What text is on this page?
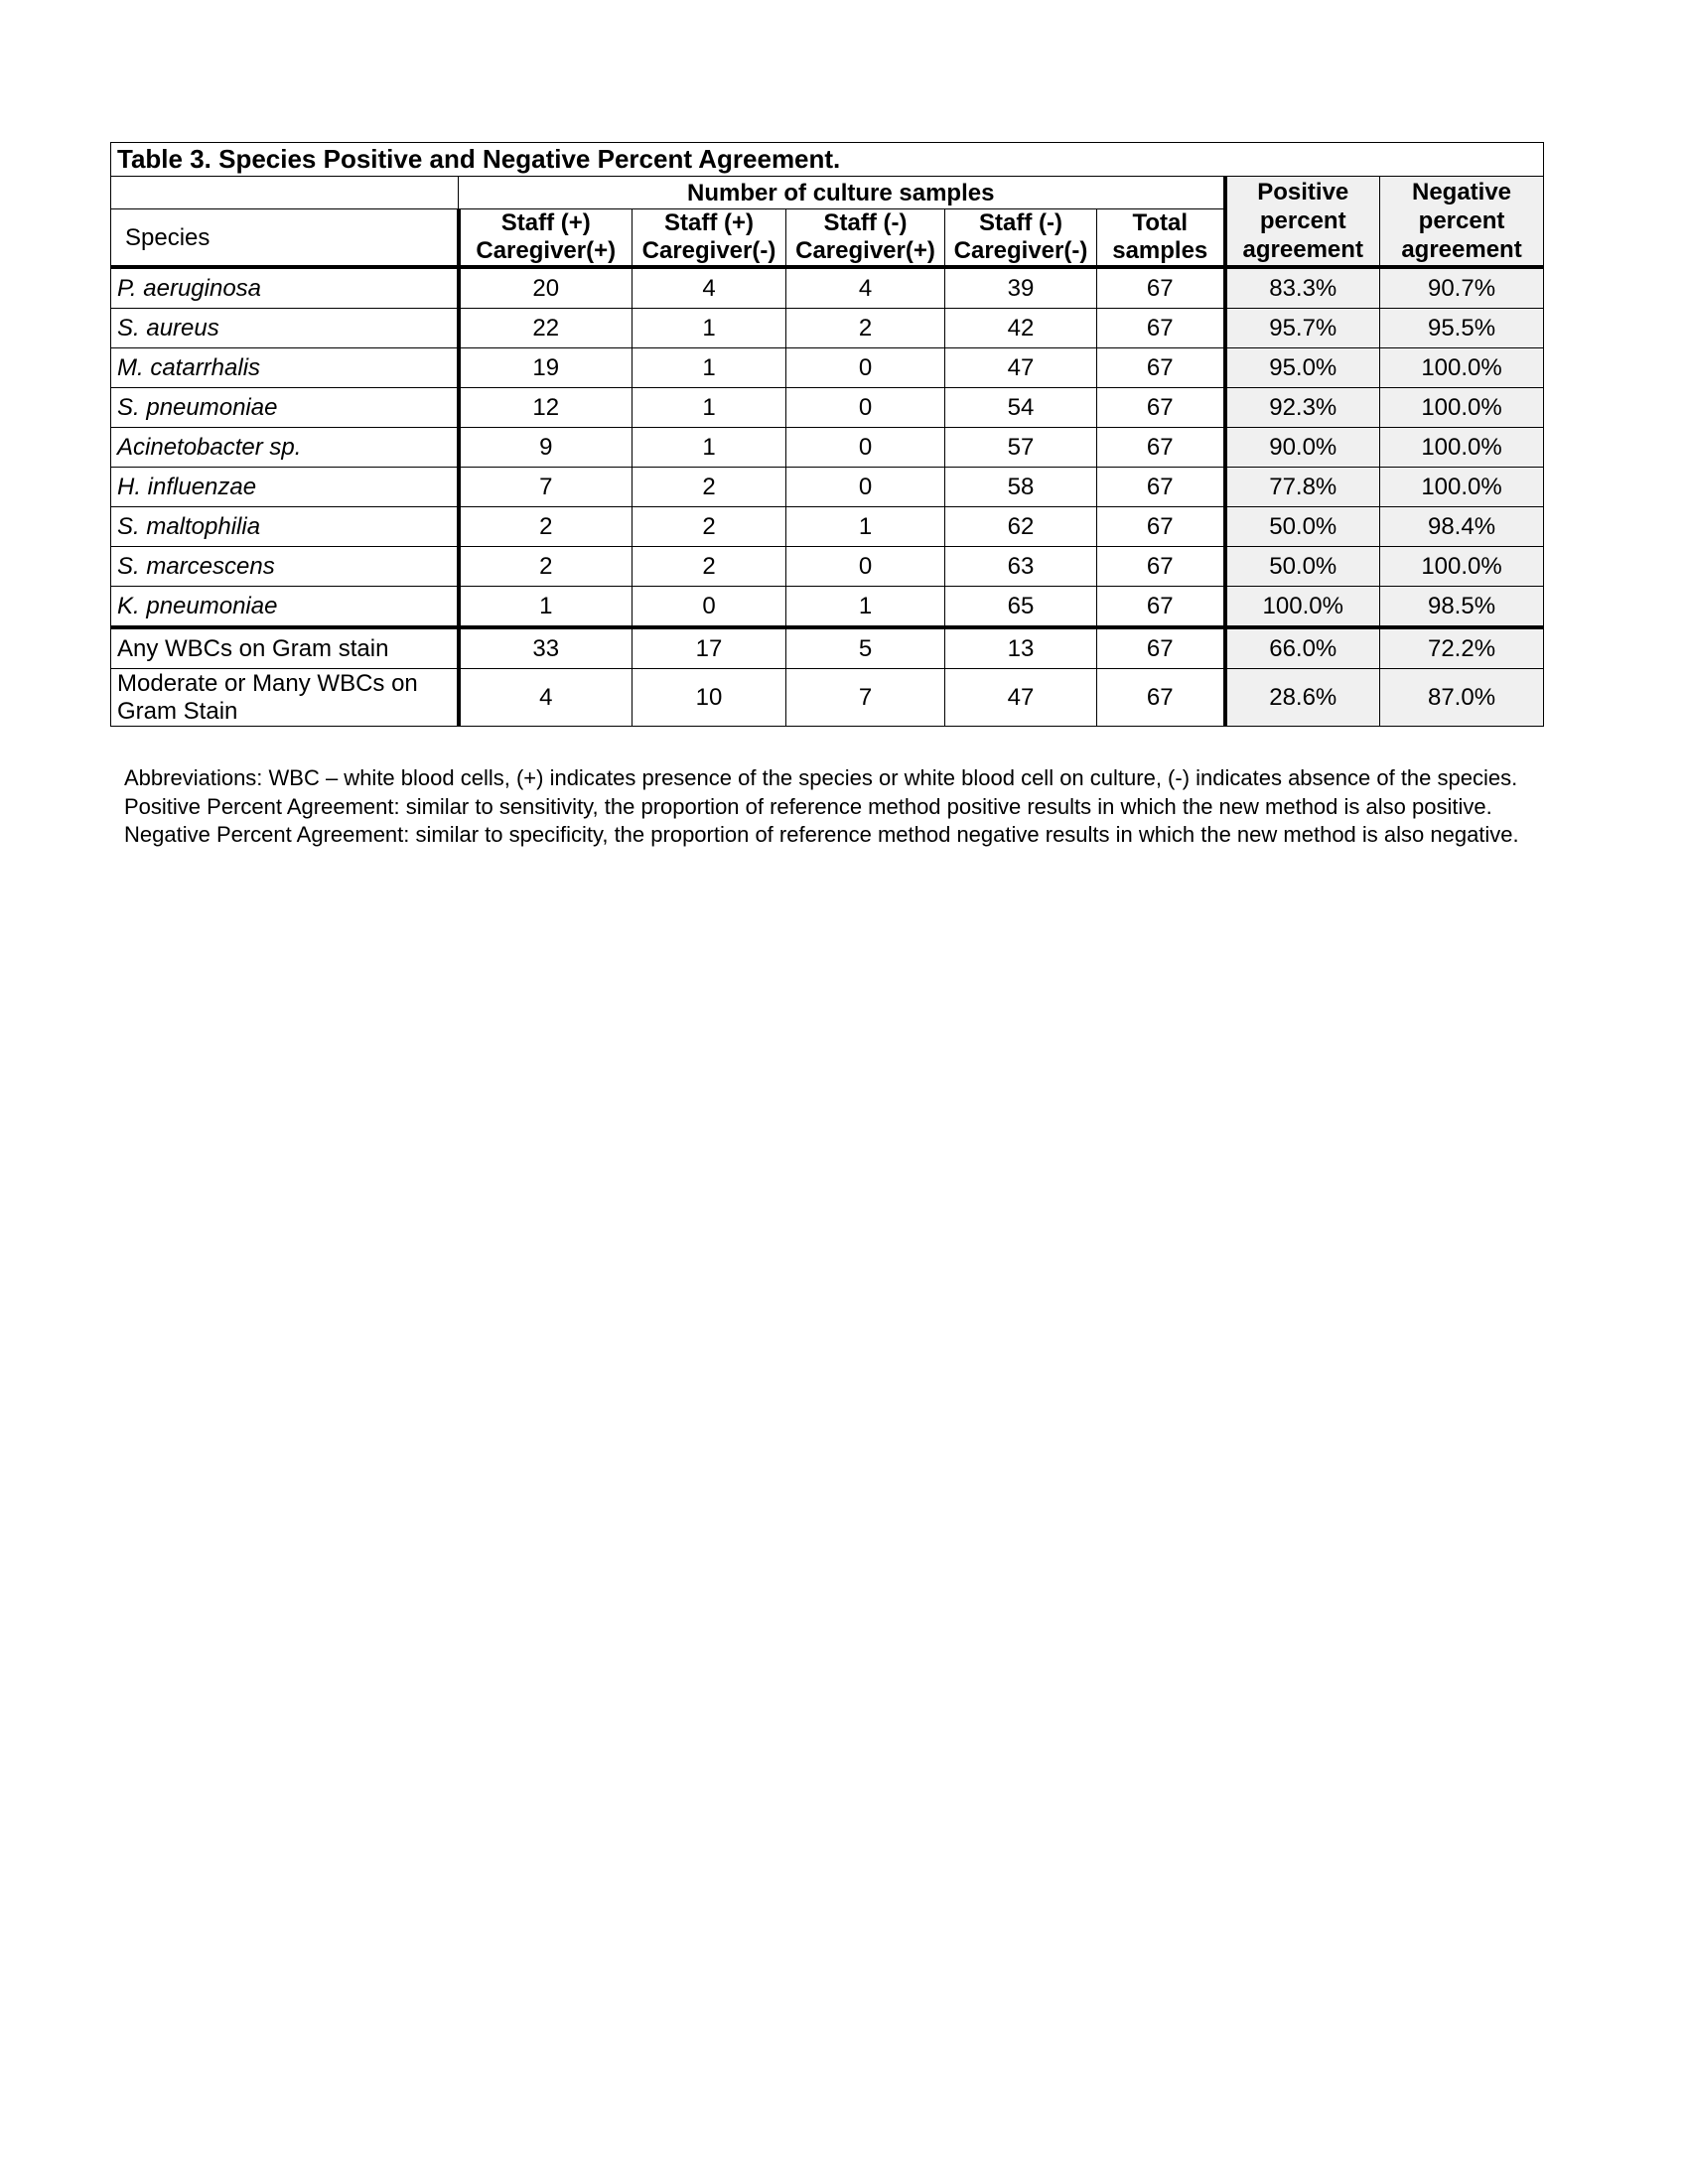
Table 3. Species Positive and Negative Percent Agreement.							
	Number of culture samples					Positive
percent
agreement	Negative
percent
agreement
Species	Staff (+)
Caregiver(+)	Staff (+)
Caregiver(-)	Staff (-)
Caregiver(+)	Staff (-)
Caregiver(-)	Total
samples		
P. aeruginosa	20	4	4	39	67	83.3%	90.7%
S. aureus	22	1	2	42	67	95.7%	95.5%
M. catarrhalis	19	1	0	47	67	95.0%	100.0%
S. pneumoniae	12	1	0	54	67	92.3%	100.0%
Acinetobacter sp.	9	1	0	57	67	90.0%	100.0%
H. influenzae	7	2	0	58	67	77.8%	100.0%
S. maltophilia	2	2	1	62	67	50.0%	98.4%
S. marcescens	2	2	0	63	67	50.0%	100.0%
K. pneumoniae	1	0	1	65	67	100.0%	98.5%
Any WBCs on Gram stain	33	17	5	13	67	66.0%	72.2%
Moderate or Many WBCs on
Gram Stain	4	10	7	47	67	28.6%	87.0%

Abbreviations: WBC – white blood cells, (+) indicates presence of the species or white blood cell on culture, (-) indicates absence of the species.

Positive Percent Agreement: similar to sensitivity, the proportion of reference method positive results in which the new method is also positive.

Negative Percent Agreement: similar to specificity, the proportion of reference method negative results in which the new method is also negative.
